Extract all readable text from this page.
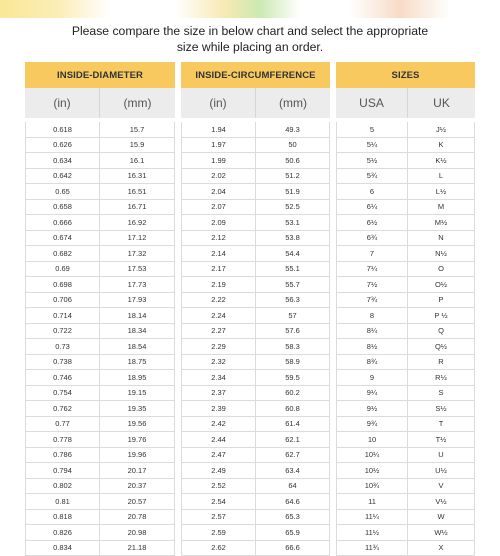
Please compare the size in below chart and select the appropriate
size while placing an order.
INSIDE-DIAMETER	INSIDE-CIRCUMFERENCE	SIZES
(in)	(mm)	(in)	(mm)	USA	UK
0.618	15.7	1.94	49.3	5	J½
0.626	15.9	1.97	50	5¼	K
0.634	16.1	1.99	50.6	5½	K½
0.642	16.31	2.02	51.2	5¾	L
0.65	16.51	2.04	51.9	6	L½
0.658	16.71	2.07	52.5	6¼	M
0.666	16.92	2.09	53.1	6½	M½
0.674	17.12	2.12	53.8	6¾	N
0.682	17.32	2.14	54.4	7	N½
0.69	17.53	2.17	55.1	7¼	O
0.698	17.73	2.19	55.7	7½	O½
0.706	17.93	2.22	56.3	7¾	P
0.714	18.14	2.24	57	8	P ½
0.722	18.34	2.27	57.6	8¼	Q
0.73	18.54	2.29	58.3	8½	Q½
0.738	18.75	2.32	58.9	8¾	R
0.746	18.95	2.34	59.5	9	R½
0.754	19.15	2.37	60.2	9¼	S
0.762	19.35	2.39	60.8	9½	S½
0.77	19.56	2.42	61.4	9¾	T
0.778	19.76	2.44	62.1	10	T½
0.786	19.96	2.47	62.7	10¼	U
0.794	20.17	2.49	63.4	10½	U½
0.802	20.37	2.52	64	10¾	V
0.81	20.57	2.54	64.6	11	V½
0.818	20.78	2.57	65.3	11¼	W
0.826	20.98	2.59	65.9	11½	W½
0.834	21.18	2.62	66.6	11¾	X
